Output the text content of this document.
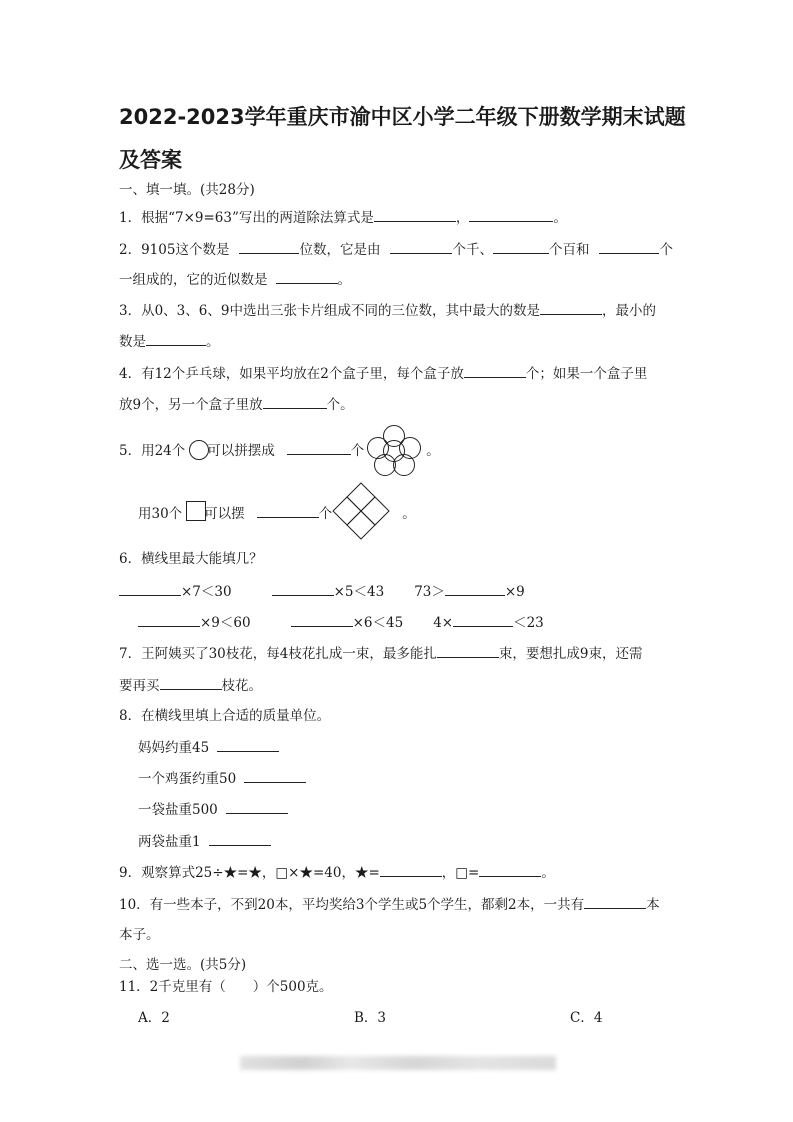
2022-2023学年重庆市渝中区小学二年级下册数学期末试题
及答案
一、填一填。(共28分)
1．根据“7×9=63”写出的两道除法算式是	，	。
2．9105这个数是	位数，它是由	个千、	个百和	个
一组成的，它的近似数是	。
3．从0、3、6、9中选出三张卡片组成不同的三位数，其中最大的数是	，最小的
数是	。
4．有12个乒乓球，如果平均放在2个盒子里，每个盒子放	个；如果一个盒子里
放9个，另一个盒子里放	个。
5．用24个 可以拼摆成	个	。
用30个 可以摆	个	。
6．横线里最大能填几？
×7＜30	×5＜43 73＞	×9
×9＜60	×6＜45 4×	＜23
7．王阿姨买了30枝花，每4枝花扎成一束，最多能扎	束，要想扎成9束，还需
要再买	枝花。
8．在横线里填上合适的质量单位。
妈妈约重45
一个鸡蛋约重50
一袋盐重500
两袋盐重1
9．观察算式25÷★=★，□×★=40，★=	，□=	。
10．有一些本子，不到20本，平均奖给3个学生或5个学生，都剩2本，一共有	本
本子。
二、选一选。(共5分)
11．2千克里有（　　）个500克。
A．2	B．3	C．4
